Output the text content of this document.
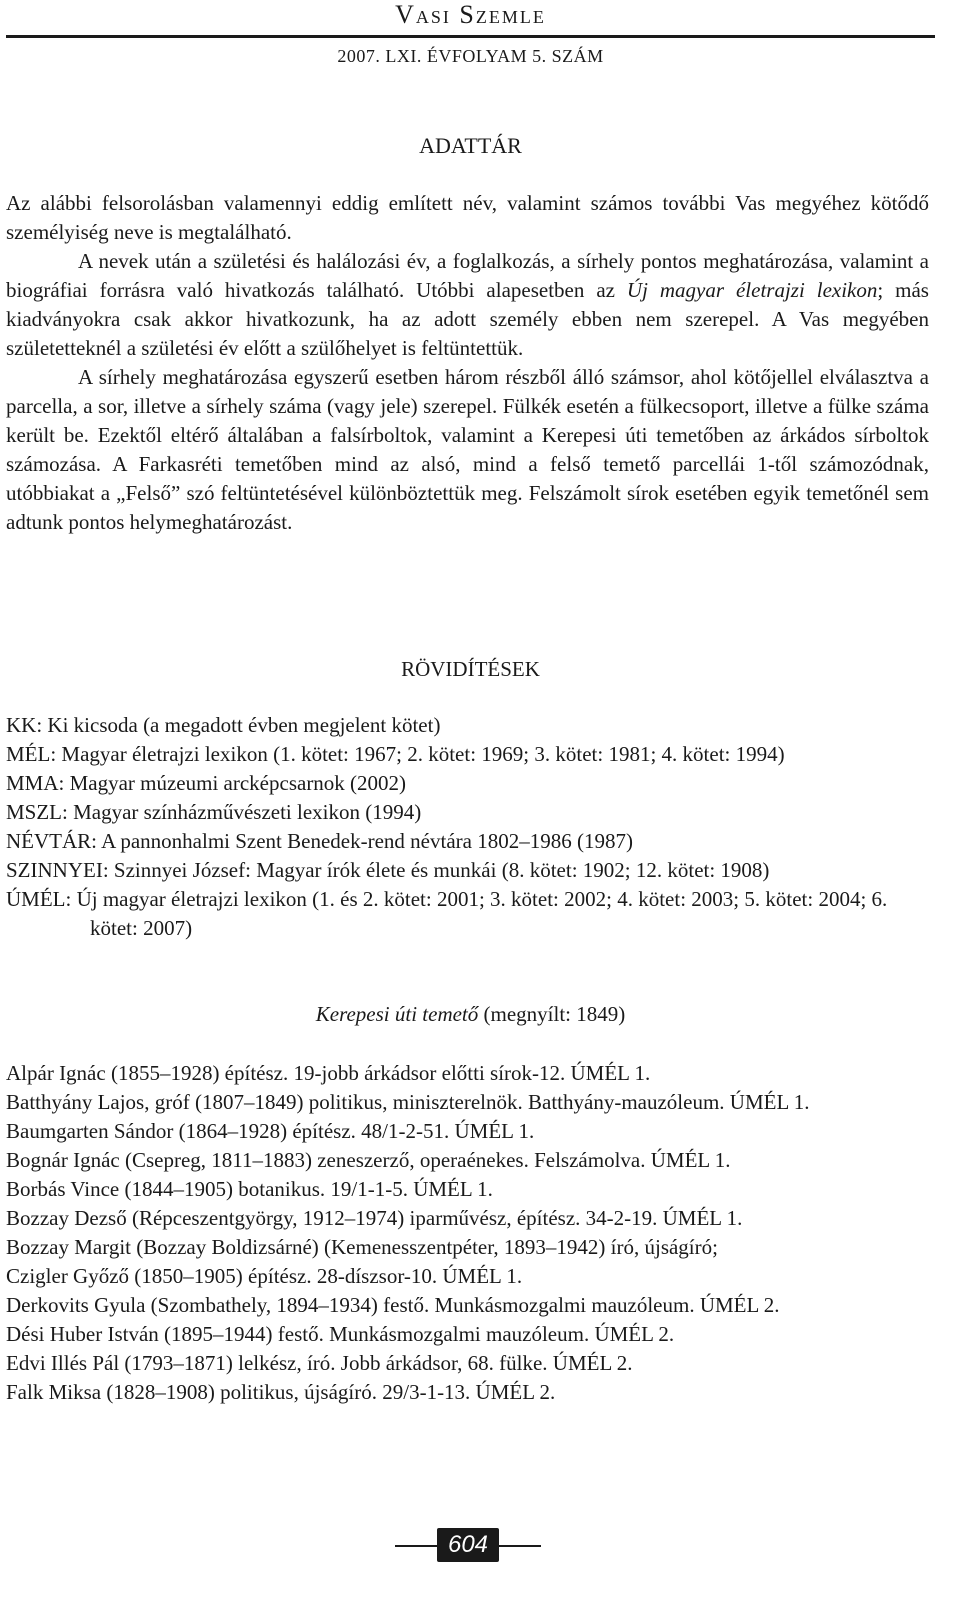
Vasi Szemle
2007. LXI. ÉVFOLYAM 5. SZÁM
ADATTÁR

Az alábbi felsorolásban valamennyi eddig említett név, valamint számos további Vas megyéhez kötődő személyiség neve is megtalálható.

A nevek után a születési és halálozási év, a foglalkozás, a sírhely pontos meghatározása, valamint a biográfiai forrásra való hivatkozás található. Utóbbi alapesetben az Új magyar életrajzi lexikon; más kiadványokra csak akkor hivatkozunk, ha az adott személy ebben nem szerepel. A Vas megyében születetteknél a születési év előtt a szülőhelyet is feltüntettük.

A sírhely meghatározása egyszerű esetben három részből álló számsor, ahol kötőjellel elválasztva a parcella, a sor, illetve a sírhely száma (vagy jele) szerepel. Fülkék esetén a fülkecsoport, illetve a fülke száma került be. Ezektől eltérő általában a falsírboltok, valamint a Kerepesi úti temetőben az árkádos sírboltok számozása. A Farkasréti temetőben mind az alsó, mind a felső temető parcellái 1-től számozódnak, utóbbiakat a „Felső” szó feltüntetésével különböztettük meg. Felszámolt sírok esetében egyik temetőnél sem adtunk pontos helymeghatározást.

RÖVIDÍTÉSEK

KK: Ki kicsoda (a megadott évben megjelent kötet)

MÉL: Magyar életrajzi lexikon (1. kötet: 1967; 2. kötet: 1969; 3. kötet: 1981; 4. kötet: 1994)

MMA: Magyar múzeumi arcképcsarnok (2002)

MSZL: Magyar színházművészeti lexikon (1994)

NÉVTÁR: A pannonhalmi Szent Benedek-rend névtára 1802–1986 (1987)

SZINNYEI: Szinnyei József: Magyar írók élete és munkái (8. kötet: 1902; 12. kötet: 1908)

ÚMÉL: Új magyar életrajzi lexikon (1. és 2. kötet: 2001; 3. kötet: 2002; 4. kötet: 2003; 5. kötet: 2004; 6. kötet: 2007)

Kerepesi úti temető (megnyílt: 1849)

Alpár Ignác (1855–1928) építész. 19-jobb árkádsor előtti sírok-12. ÚMÉL 1.

Batthyány Lajos, gróf (1807–1849) politikus, miniszterelnök. Batthyány-mauzóleum. ÚMÉL 1.

Baumgarten Sándor (1864–1928) építész. 48/1-2-51. ÚMÉL 1.

Bognár Ignác (Csepreg, 1811–1883) zeneszerző, operaénekes. Felszámolva. ÚMÉL 1.

Borbás Vince (1844–1905) botanikus. 19/1-1-5. ÚMÉL 1.

Bozzay Dezső (Répceszentgyörgy, 1912–1974) iparművész, építész. 34-2-19. ÚMÉL 1.

Bozzay Margit (Bozzay Boldizsárné) (Kemenesszentpéter, 1893–1942) író, újságíró;

Czigler Győző (1850–1905) építész. 28-díszsor-10. ÚMÉL 1.

Derkovits Gyula (Szombathely, 1894–1934) festő. Munkásmozgalmi mauzóleum. ÚMÉL 2.

Dési Huber István (1895–1944) festő. Munkásmozgalmi mauzóleum. ÚMÉL 2.

Edvi Illés Pál (1793–1871) lelkész, író. Jobb árkádsor, 68. fülke. ÚMÉL 2.

Falk Miksa (1828–1908) politikus, újságíró. 29/3-1-13. ÚMÉL 2.

604
